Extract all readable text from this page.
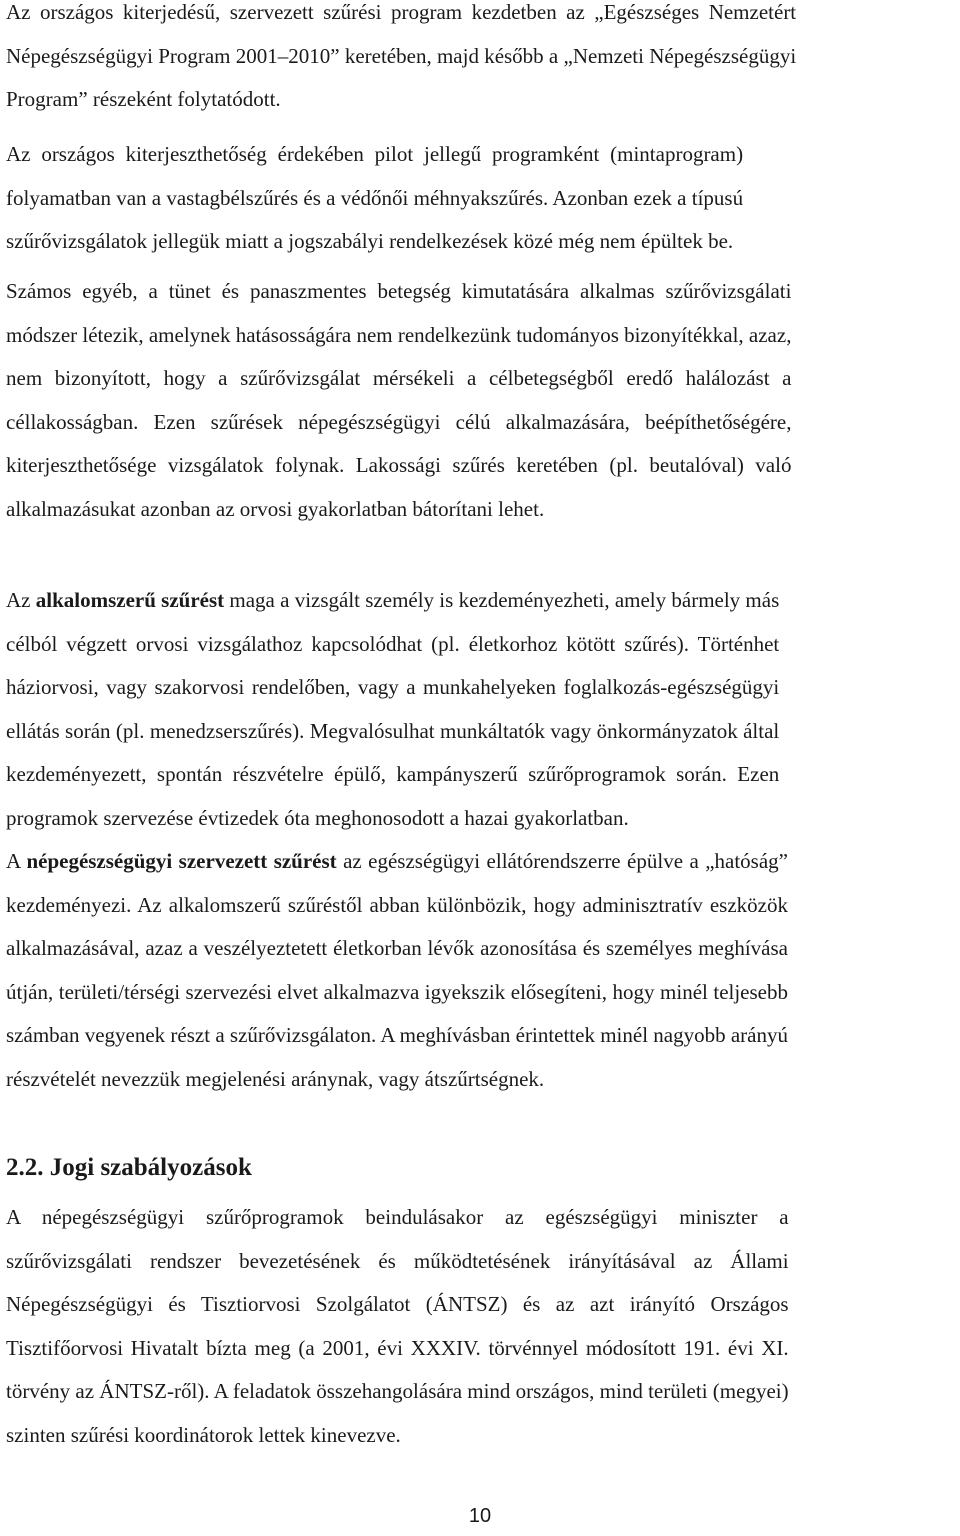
Az országos kiterjedésű, szervezett szűrési program kezdetben az „Egészséges Nemzetért
Népegészségügyi Program 2001–2010” keretében, majd később a „Nemzeti Népegészségügyi
Program” részeként folytatódott.

Az országos kiterjeszthetőség érdekében pilot jellegű programként (mintaprogram)
folyamatban van a vastagbélszűrés és a védőnői méhnyakszűrés. Azonban ezek a típusú
szűrővizsgálatok jellegük miatt a jogszabályi rendelkezések közé még nem épültek be.

Számos egyéb, a tünet és panaszmentes betegség kimutatására alkalmas szűrővizsgálati
módszer létezik, amelynek hatásosságára nem rendelkezünk tudományos bizonyítékkal, azaz,
nem bizonyított, hogy a szűrővizsgálat mérsékeli a célbetegségből eredő halálozást a
céllakosságban. Ezen szűrések népegészségügyi célú alkalmazására, beépíthetőségére,
kiterjeszthetősége vizsgálatok folynak. Lakossági szűrés keretében (pl. beutalóval) való
alkalmazásukat azonban az orvosi gyakorlatban bátorítani lehet.

Az alkalomszerű szűrést maga a vizsgált személy is kezdeményezheti, amely bármely más
célból végzett orvosi vizsgálathoz kapcsolódhat (pl. életkorhoz kötött szűrés). Történhet
háziorvosi, vagy szakorvosi rendelőben, vagy a munkahelyeken foglalkozás-egészségügyi
ellátás során (pl. menedzserszűrés). Megvalósulhat munkáltatók vagy önkormányzatok által
kezdeményezett, spontán részvételre épülő, kampányszerű szűrőprogramok során. Ezen
programok szervezése évtizedek óta meghonosodott a hazai gyakorlatban.

A népegészségügyi szervezett szűrést az egészségügyi ellátórendszerre épülve a „hatóság”
kezdeményezi. Az alkalomszerű szűréstől abban különbözik, hogy adminisztratív eszközök
alkalmazásával, azaz a veszélyeztetett életkorban lévők azonosítása és személyes meghívása
útján, területi/térségi szervezési elvet alkalmazva igyekszik elősegíteni, hogy minél teljesebb
számban vegyenek részt a szűrővizsgálaton. A meghívásban érintettek minél nagyobb arányú
részvételét nevezzük megjelenési aránynak, vagy átszűrtségnek.

2.2. Jogi szabályozások

A népegészségügyi szűrőprogramok beindulásakor az egészségügyi miniszter a
szűrővizsgálati rendszer bevezetésének és működtetésének irányításával az Állami
Népegészségügyi és Tisztiorvosi Szolgálatot (ÁNTSZ) és az azt irányító Országos
Tisztifőorvosi Hivatalt bízta meg (a 2001, évi XXXIV. törvénnyel módosított 191. évi XI.
törvény az ÁNTSZ-ről). A feladatok összehangolására mind országos, mind területi (megyei)
szinten szűrési koordinátorok lettek kinevezve.

10
